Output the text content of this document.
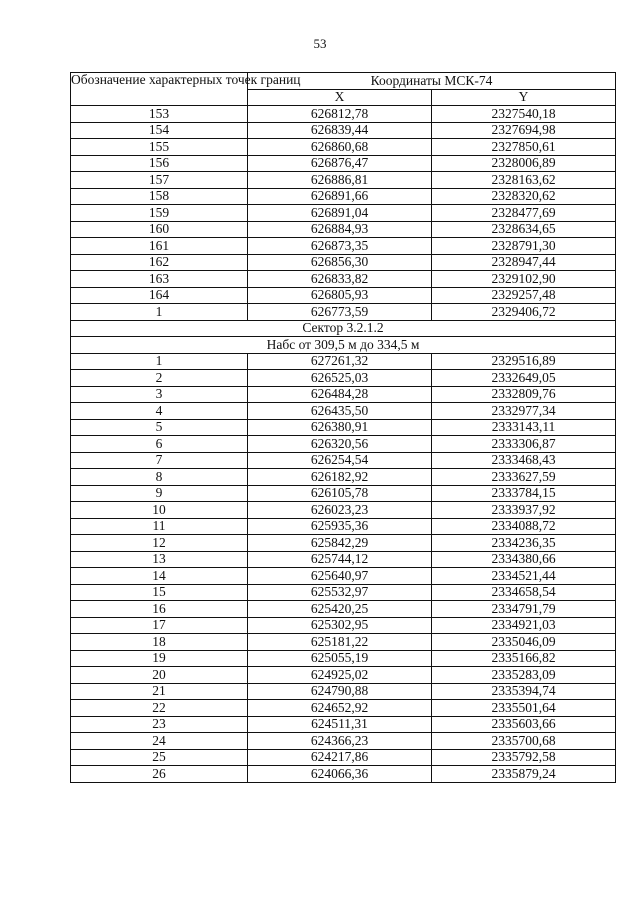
53
Обозначение характерных точек границ	Координаты МСК-74	
	X	Y
153	626812,78	2327540,18
154	626839,44	2327694,98
155	626860,68	2327850,61
156	626876,47	2328006,89
157	626886,81	2328163,62
158	626891,66	2328320,62
159	626891,04	2328477,69
160	626884,93	2328634,65
161	626873,35	2328791,30
162	626856,30	2328947,44
163	626833,82	2329102,90
164	626805,93	2329257,48
1	626773,59	2329406,72
Сектор 3.2.1.2		
Набс от 309,5 м до 334,5 м		
1	627261,32	2329516,89
2	626525,03	2332649,05
3	626484,28	2332809,76
4	626435,50	2332977,34
5	626380,91	2333143,11
6	626320,56	2333306,87
7	626254,54	2333468,43
8	626182,92	2333627,59
9	626105,78	2333784,15
10	626023,23	2333937,92
11	625935,36	2334088,72
12	625842,29	2334236,35
13	625744,12	2334380,66
14	625640,97	2334521,44
15	625532,97	2334658,54
16	625420,25	2334791,79
17	625302,95	2334921,03
18	625181,22	2335046,09
19	625055,19	2335166,82
20	624925,02	2335283,09
21	624790,88	2335394,74
22	624652,92	2335501,64
23	624511,31	2335603,66
24	624366,23	2335700,68
25	624217,86	2335792,58
26	624066,36	2335879,24
